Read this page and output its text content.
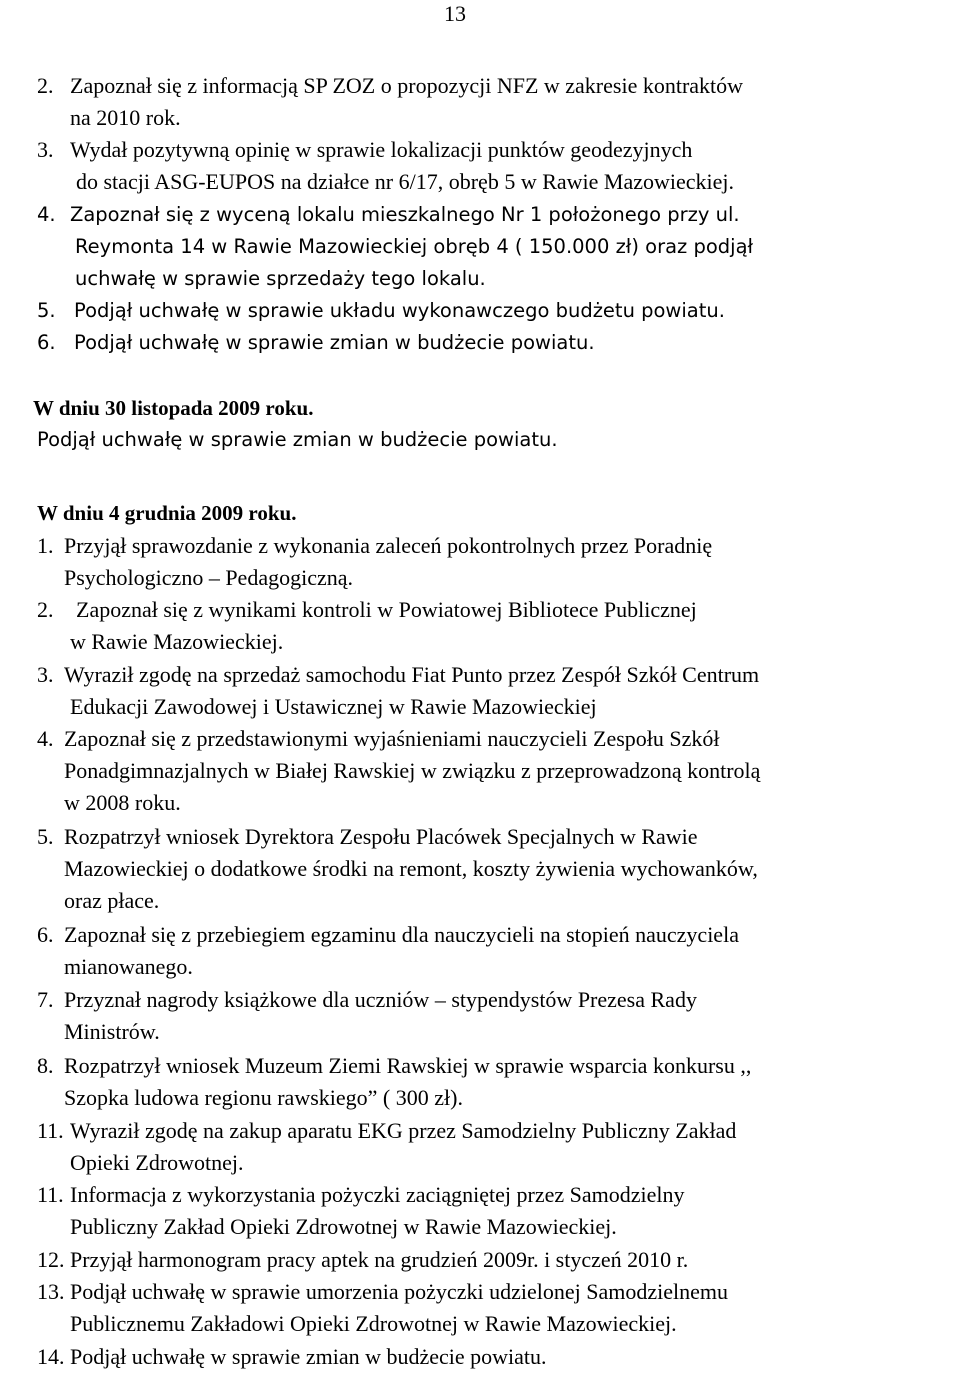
13
2. Zapoznał się z informacją SP ZOZ o propozycji NFZ w zakresie kontraktów
na 2010 rok.
3. Wydał pozytywną opinię w sprawie lokalizacji punktów geodezyjnych
do stacji ASG-EUPOS na działce nr 6/17, obręb 5 w Rawie Mazowieckiej.
4. Zapoznał się z wyceną lokalu mieszkalnego Nr 1 położonego przy ul.
Reymonta 14 w Rawie Mazowieckiej obręb 4 ( 150.000 zł) oraz podjął
uchwałę w sprawie sprzedaży tego lokalu.
5. Podjął uchwałę w sprawie układu wykonawczego budżetu powiatu.
6. Podjął uchwałę w sprawie zmian w budżecie powiatu.
W dniu 30 listopada 2009 roku.
Podjął uchwałę w sprawie zmian w budżecie powiatu.
W dniu 4 grudnia 2009 roku.
1. Przyjął sprawozdanie z wykonania zaleceń pokontrolnych przez Poradnię
Psychologiczno – Pedagogiczną.
2. Zapoznał się z wynikami kontroli w Powiatowej Bibliotece Publicznej
w Rawie Mazowieckiej.
3. Wyraził zgodę na sprzedaż samochodu Fiat Punto przez Zespół Szkół Centrum
Edukacji Zawodowej i Ustawicznej w Rawie Mazowieckiej
4. Zapoznał się z przedstawionymi wyjaśnieniami nauczycieli Zespołu Szkół
Ponadgimnazjalnych w Białej Rawskiej w związku z przeprowadzoną kontrolą
w 2008 roku.
5. Rozpatrzył wniosek Dyrektora Zespołu Placówek Specjalnych w Rawie
Mazowieckiej o dodatkowe środki na remont, koszty żywienia wychowanków,
oraz płace.
6. Zapoznał się z przebiegiem egzaminu dla nauczycieli na stopień nauczyciela
mianowanego.
7. Przyznał nagrody książkowe dla uczniów – stypendystów Prezesa Rady
Ministrów.
8. Rozpatrzył wniosek Muzeum Ziemi Rawskiej w sprawie wsparcia konkursu ,,
Szopka ludowa regionu rawskiego” ( 300 zł).
11. Wyraził zgodę na zakup aparatu EKG przez Samodzielny Publiczny Zakład
Opieki Zdrowotnej.
11. Informacja z wykorzystania pożyczki zaciągniętej przez Samodzielny
Publiczny Zakład Opieki Zdrowotnej w Rawie Mazowieckiej.
12. Przyjął harmonogram pracy aptek na grudzień 2009r. i styczeń 2010 r.
13. Podjął uchwałę w sprawie umorzenia pożyczki udzielonej Samodzielnemu
Publicznemu Zakładowi Opieki Zdrowotnej w Rawie Mazowieckiej.
14. Podjął uchwałę w sprawie zmian w budżecie powiatu.
